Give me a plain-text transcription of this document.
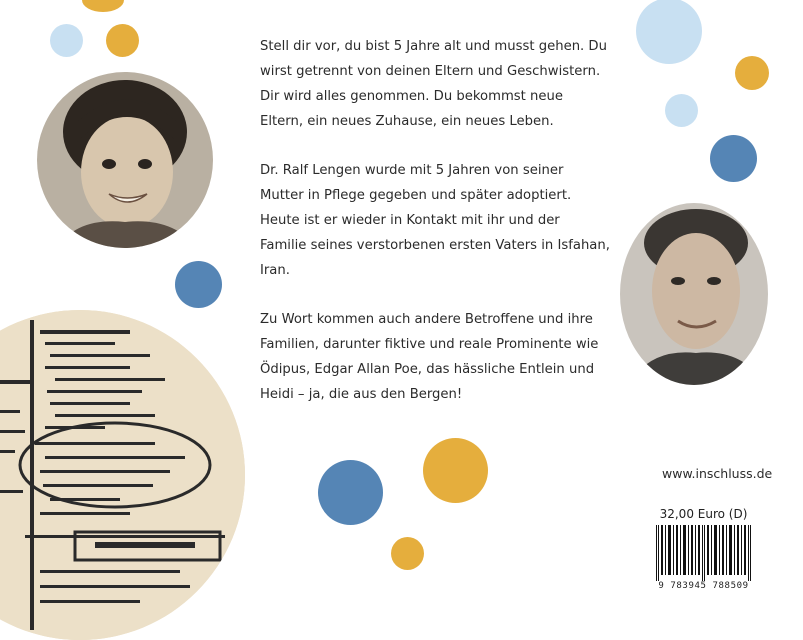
Stell dir vor, du bist 5 Jahre alt und musst gehen. Du wirst getrennt von deinen Eltern und Geschwistern. Dir wird alles genommen. Du bekommst neue Eltern, ein neues Zuhause, ein neues Leben.

Dr. Ralf Lengen wurde mit 5 Jahren von seiner Mutter in Pflege gegeben und später adoptiert. Heute ist er wieder in Kontakt mit ihr und der Familie seines verstorbenen ersten Vaters in Isfahan, Iran.

Zu Wort kommen auch andere Betroffene und ihre Familien, darunter fiktive und reale Prominente wie Ödipus, Edgar Allan Poe, das hässliche Entlein und Heidi – ja, die aus den Bergen!

www.inschluss.de
32,00 Euro (D)
9 783945 788509
